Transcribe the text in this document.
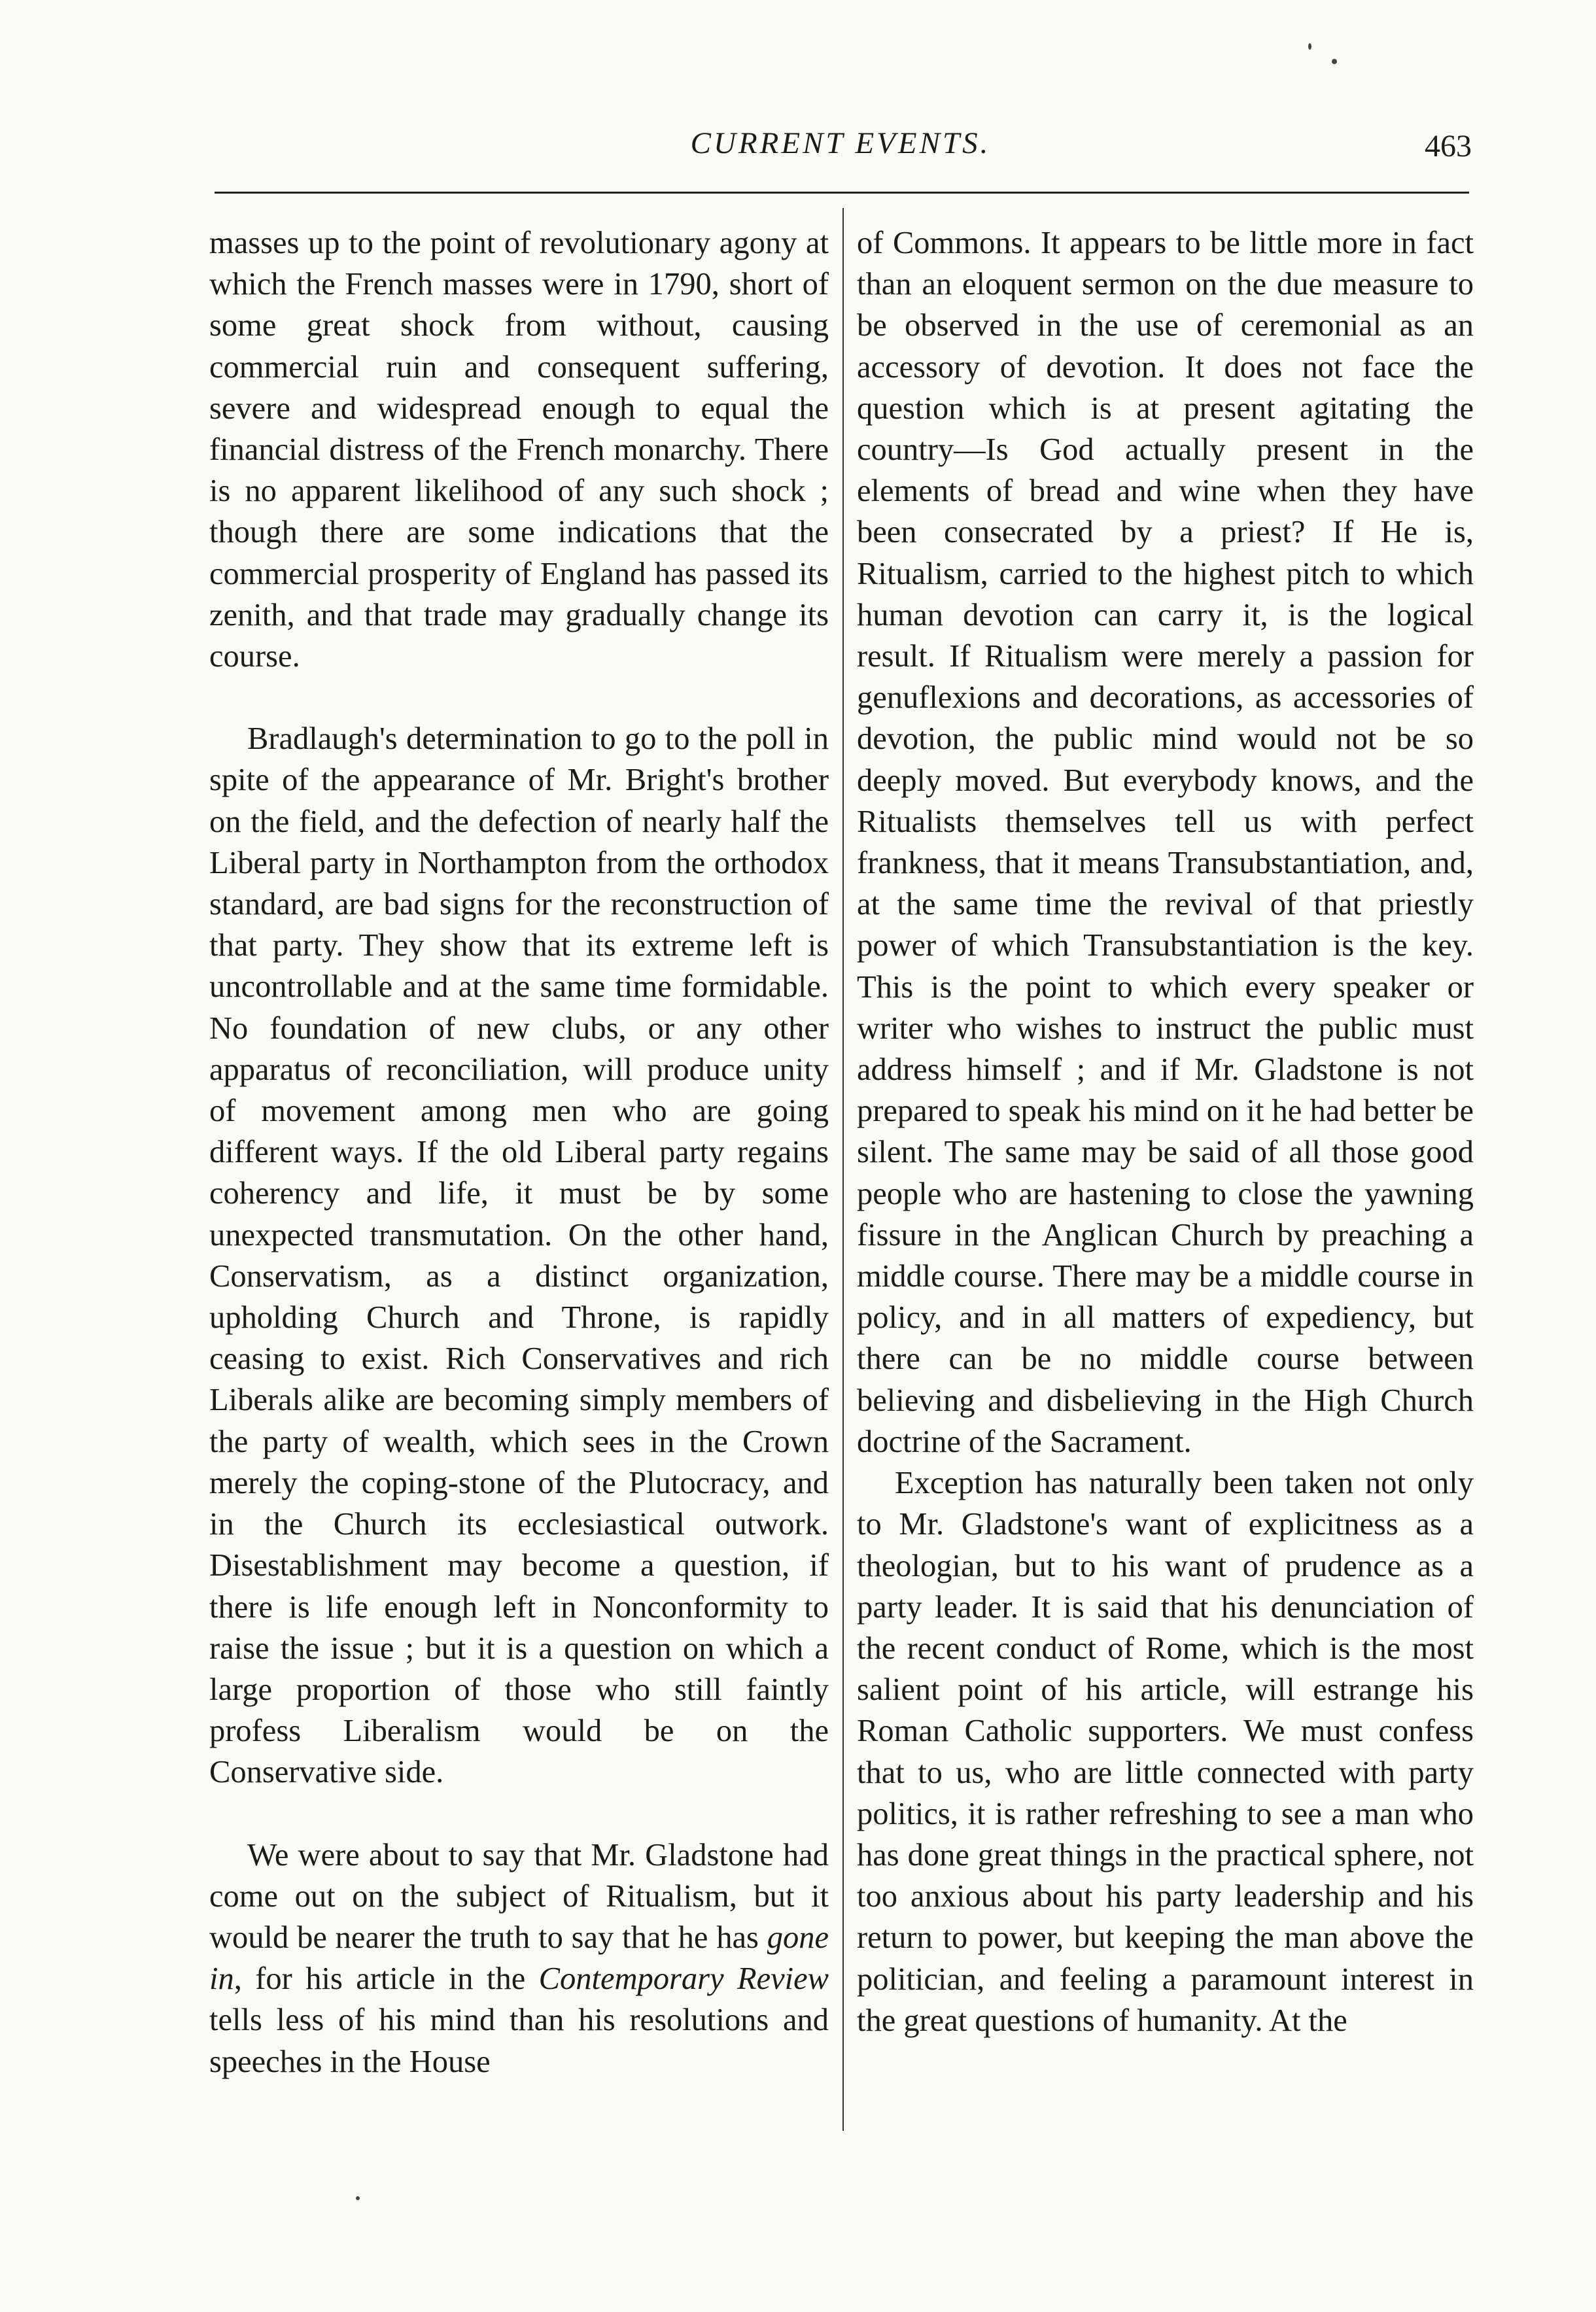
CURRENT EVENTS.	463

masses up to the point of revolutionary agony at which the French masses were in 1790, short of some great shock from without, causing commercial ruin and consequent suffering, severe and widespread enough to equal the financial distress of the French monarchy. There is no apparent likelihood of any such shock ; though there are some indications that the commercial prosperity of England has passed its zenith, and that trade may gradually change its course.

Bradlaugh's determination to go to the poll in spite of the appearance of Mr. Bright's brother on the field, and the defection of nearly half the Liberal party in Northampton from the orthodox standard, are bad signs for the reconstruction of that party. They show that its extreme left is uncontrollable and at the same time formidable. No foundation of new clubs, or any other apparatus of reconciliation, will produce unity of movement among men who are going different ways. If the old Liberal party regains coherency and life, it must be by some unexpected transmutation. On the other hand, Conservatism, as a distinct organization, upholding Church and Throne, is rapidly ceasing to exist. Rich Conservatives and rich Liberals alike are becoming simply members of the party of wealth, which sees in the Crown merely the coping-stone of the Plutocracy, and in the Church its ecclesiastical outwork. Disestablishment may become a question, if there is life enough left in Nonconformity to raise the issue ; but it is a question on which a large proportion of those who still faintly profess Liberalism would be on the Conservative side.

We were about to say that Mr. Gladstone had come out on the subject of Ritualism, but it would be nearer the truth to say that he has gone in, for his article in the Contemporary Review tells less of his mind than his resolutions and speeches in the House

of Commons. It appears to be little more in fact than an eloquent sermon on the due measure to be observed in the use of ceremonial as an accessory of devotion. It does not face the question which is at present agitating the country—Is God actually present in the elements of bread and wine when they have been consecrated by a priest? If He is, Ritualism, carried to the highest pitch to which human devotion can carry it, is the logical result. If Ritualism were merely a passion for genuflexions and decorations, as accessories of devotion, the public mind would not be so deeply moved. But everybody knows, and the Ritualists themselves tell us with perfect frankness, that it means Transubstantiation, and, at the same time the revival of that priestly power of which Transubstantiation is the key. This is the point to which every speaker or writer who wishes to instruct the public must address himself ; and if Mr. Gladstone is not prepared to speak his mind on it he had better be silent. The same may be said of all those good people who are hastening to close the yawning fissure in the Anglican Church by preaching a middle course. There may be a middle course in policy, and in all matters of expediency, but there can be no middle course between believing and disbelieving in the High Church doctrine of the Sacrament.

Exception has naturally been taken not only to Mr. Gladstone's want of explicitness as a theologian, but to his want of prudence as a party leader. It is said that his denunciation of the recent conduct of Rome, which is the most salient point of his article, will estrange his Roman Catholic supporters. We must confess that to us, who are little connected with party politics, it is rather refreshing to see a man who has done great things in the practical sphere, not too anxious about his party leadership and his return to power, but keeping the man above the politician, and feeling a paramount interest in the great questions of humanity. At the
